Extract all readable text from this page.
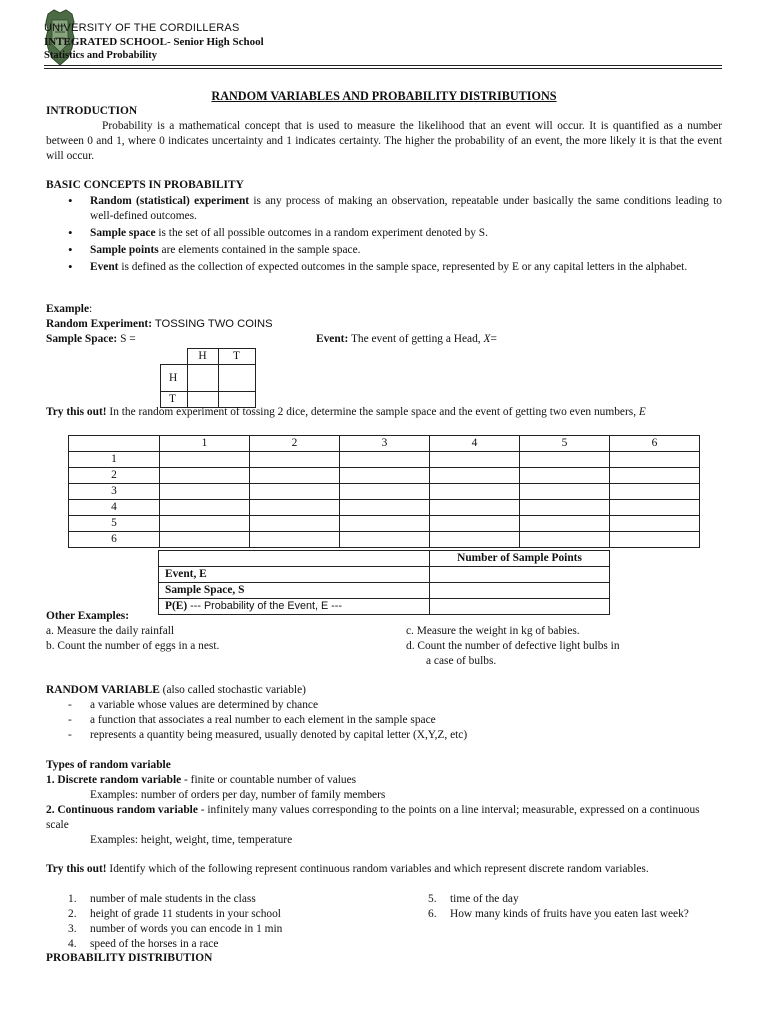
UNIVERSITY OF THE CORDILLERAS
INTEGRATED SCHOOL- Senior High School
Statistics and Probability
RANDOM VARIABLES AND PROBABILITY DISTRIBUTIONS
INTRODUCTION
Probability is a mathematical concept that is used to measure the likelihood that an event will occur. It is quantified as a number between 0 and 1, where 0 indicates uncertainty and 1 indicates certainty. The higher the probability of an event, the more likely it is that the event will occur.
BASIC CONCEPTS IN PROBABILITY
• Random (statistical) experiment is any process of making an observation, repeatable under basically the same conditions leading to well-defined outcomes.
• Sample space is the set of all possible outcomes in a random experiment denoted by S.
• Sample points are elements contained in the sample space.
• Event is defined as the collection of expected outcomes in the sample space, represented by E or any capital letters in the alphabet.
Example:
Random Experiment: TOSSING TWO COINS
Sample Space: S =	Event: The event of getting a Head, X=
	H	T
H		
T		
Try this out! In the random experiment of tossing 2 dice, determine the sample space and the event of getting two even numbers, E
	1	2	3	4	5	6
1						
2						
3						
4						
5						
6						
	Number of Sample Points
Event, E	
Sample Space, S	
P(E) --- Probability of the Event, E ---	
Other Examples:
a. Measure the daily rainfall
b. Count the number of eggs in a nest.
c. Measure the weight in kg of babies.
d. Count the number of defective light bulbs in
a case of bulbs.
RANDOM VARIABLE (also called stochastic variable)
- a variable whose values are determined by chance
- a function that associates a real number to each element in the sample space
- represents a quantity being measured, usually denoted by capital letter (X,Y,Z, etc)
Types of random variable
1. Discrete random variable - finite or countable number of values
Examples: number of orders per day, number of family members
2. Continuous random variable - infinitely many values corresponding to the points on a line interval; measurable, expressed on a continuous scale
Examples: height, weight, time, temperature
Try this out! Identify which of the following represent continuous random variables and which represent discrete random variables.
1. number of male students in the class
2. height of grade 11 students in your school
3. number of words you can encode in 1 min
4. speed of the horses in a race
5. time of the day
6. How many kinds of fruits have you eaten last week?
PROBABILITY DISTRIBUTION
